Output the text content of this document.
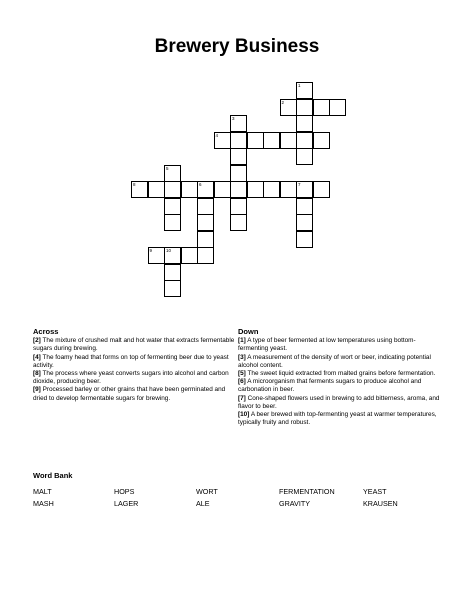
Brewery Business
2
4
8	6	7
9	10
1
3
5
Across
[2] The mixture of crushed malt and hot water that extracts fermentable sugars during brewing.
[4] The foamy head that forms on top of fermenting beer due to yeast activity.
[8] The process where yeast converts sugars into alcohol and carbon dioxide, producing beer.
[9] Processed barley or other grains that have been germinated and dried to develop fermentable sugars for brewing.
Down
[1] A type of beer fermented at low temperatures using bottom-fermenting yeast.
[3] A measurement of the density of wort or beer, indicating potential alcohol content.
[5] The sweet liquid extracted from malted grains before fermentation.
[6] A microorganism that ferments sugars to produce alcohol and carbonation in beer.
[7] Cone-shaped flowers used in brewing to add bitterness, aroma, and flavor to beer.
[10] A beer brewed with top-fermenting yeast at warmer temperatures, typically fruity and robust.
Word Bank
MALT	HOPS	WORT	FERMENTATION	YEAST
MASH	LAGER	ALE	GRAVITY	KRAUSEN
